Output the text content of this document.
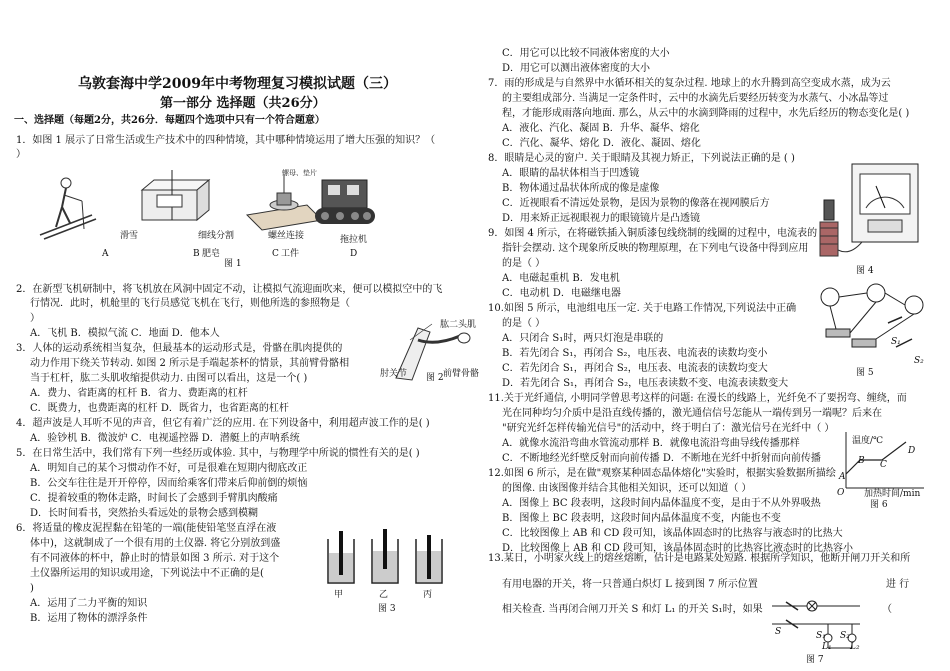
乌敦套海中学2009年中考物理复习模拟试题（三）
第一部分 选择题（共26分）
一、选择题（每题2分，共26分．每题四个选项中只有一个符合题意）
1．如图 1 展示了日常生活或生产技术中的四种情境，其中哪种情境运用了增大压强的知识？（
）
螺母、垫片
滑雪	细线分割	螺丝连接	拖拉机
A	B 肥皂	C 工件	D
图 1
2．在新型飞机研制中，将飞机放在风洞中固定不动，让模拟气流迎面吹来，便可以模拟空中的飞
行情况．此时，机舱里的飞行员感觉飞机在飞行，则他所选的参照物是（
）
A．飞机 B．模拟气流 C．地面 D．他本人
3．人体的运动系统相当复杂，但最基本的运动形式是，骨骼在肌肉提供的
动力作用下绕关节转动. 如图 2 所示是手端起茶杯的情景，其前臂骨骼相
当于杠杆，肱二头肌收缩提供动力. 由图可以看出，这是一个( )
A．费力、省距离的杠杆 B．省力、费距离的杠杆
C．既费力，也费距离的杠杆 D．既省力，也省距离的杠杆
肱二头肌
肘关节	前臂骨骼
图 2
4．超声波是人耳听不见的声音，但它有着广泛的应用. 在下列设备中，利用超声波工作的是( )
A．验钞机 B．微波炉 C．电视遥控器 D．潜艇上的声呐系统
5．在日常生活中，我们常有下列一些经历或体验. 其中，与物理学中所说的惯性有关的是( )
A．明知自己的某个习惯动作不好，可是很难在短期内彻底改正
B．公交车往往是开开停停，因而给乘客们带来后仰前倒的烦恼
C．提着较重的物体走路，时间长了会感到手臂肌肉酸痛
D．长时间看书，突然抬头看远处的景物会感到模糊
6．将适量的橡皮泥捏黏在铅笔的一端(能使铅笔竖直浮在液
体中)，这就制成了一个很有用的土仪器. 将它分别放到盛
有不同液体的杯中，静止时的情景如图 3 所示. 对于这个
土仪器所运用的知识或用途，下列说法中不正确的是(
)
A．运用了二力平衡的知识
B．运用了物体的漂浮条件
甲	乙	丙
图 3
C．用它可以比较不同液体密度的大小
D．用它可以测出液体密度的大小
7．雨的形成是与自然界中水循环相关的复杂过程. 地球上的水升腾到高空变成水蒸，成为云
的主要组成部分. 当满足一定条件时，云中的水滴先后要经历转变为水蒸气、小冰晶等过
程，才能形成雨落向地面. 那么，从云中的水滴到降雨的过程中，水先后经历的物态变化是( )
A．液化、汽化、凝固 B．升华、凝华、熔化
C．汽化、凝华、熔化 D．液化、凝固、熔化
8．眼睛是心灵的窗户. 关于眼睛及其视力矫正，下列说法正确的是 ( )
A．眼睛的晶状体相当于凹透镜
B．物体通过晶状体所成的像是虚像
C．近视眼看不清远处景物，是因为景物的像落在视网膜后方
D．用来矫正远视眼视力的眼镜镜片是凸透镜
9．如图 4 所示，在将磁铁插入铜质漆包线绕制的线圈的过程中，电流表的
指针会摆动. 这个现象所反映的物理原理，在下列电气设备中得到应用
的是（ ）
A．电磁起重机 B．发电机
C．电动机 D．电磁继电器
图 4
10.如图 5 所示，电池组电压一定. 关于电路工作情况,下列说法中正确
的是（ ）
A．只闭合 S₁时，两只灯泡是串联的
B．若先闭合 S₁，再闭合 S₂，电压表、电流表的读数均变小
C．若先闭合 S₁，再闭合 S₂，电压表、电流表的读数均变大
D．若先闭合 S₁，再闭合 S₂，电压表读数不变、电流表读数变大
S₁
S₂
图 5
11.关于光纤通信, 小明同学曾思考这样的问题: 在漫长的线路上，光纤免不了要拐弯、缠绕，而
光在同种均匀介质中是沿直线传播的，激光通信信号怎能从一端传到另一端呢？后来在
"研究光纤怎样传输光信号"的活动中，终于明白了：激光信号在光纤中（ ）
A．就像水流沿弯曲水管流动那样 B．就像电流沿弯曲导线传播那样
C．不断地经光纤壁反射而向前传播 D．不断地在光纤中折射而向前传播
12.如图 6 所示，是在做"观察某种固态晶体熔化"实验时，根据实验数据所描绘
的图像. 由该图像并结合其他相关知识，还可以知道（ ）
A．图像上 BC 段表明，这段时间内晶体温度不变，是由于不从外界吸热
B．图像上 BC 段表明，这段时间内晶体温度不变，内能也不变
C．比较图像上 AB 和 CD 段可知，该晶体固态时的比热容与液态时的比热大
D．比较图像上 AB 和 CD 段可知，该晶体固态时的比热容比液态时的比热容小
温度/℃
A
B C
D
O 加热时间/min
图 6
13.某日，小明家火线上的熔丝熔断，估计是电路某处短路. 根据所学知识，他断开闸刀开关和所
有用电器的开关，将一只普通白炽灯 L 接到图 7 所示位置	进 行
相关检查. 当再闭合闸刀开关 S 和灯 L₁ 的开关 S₁时，如果	（
S	S₁ S₂
L₁ L₂
图 7
